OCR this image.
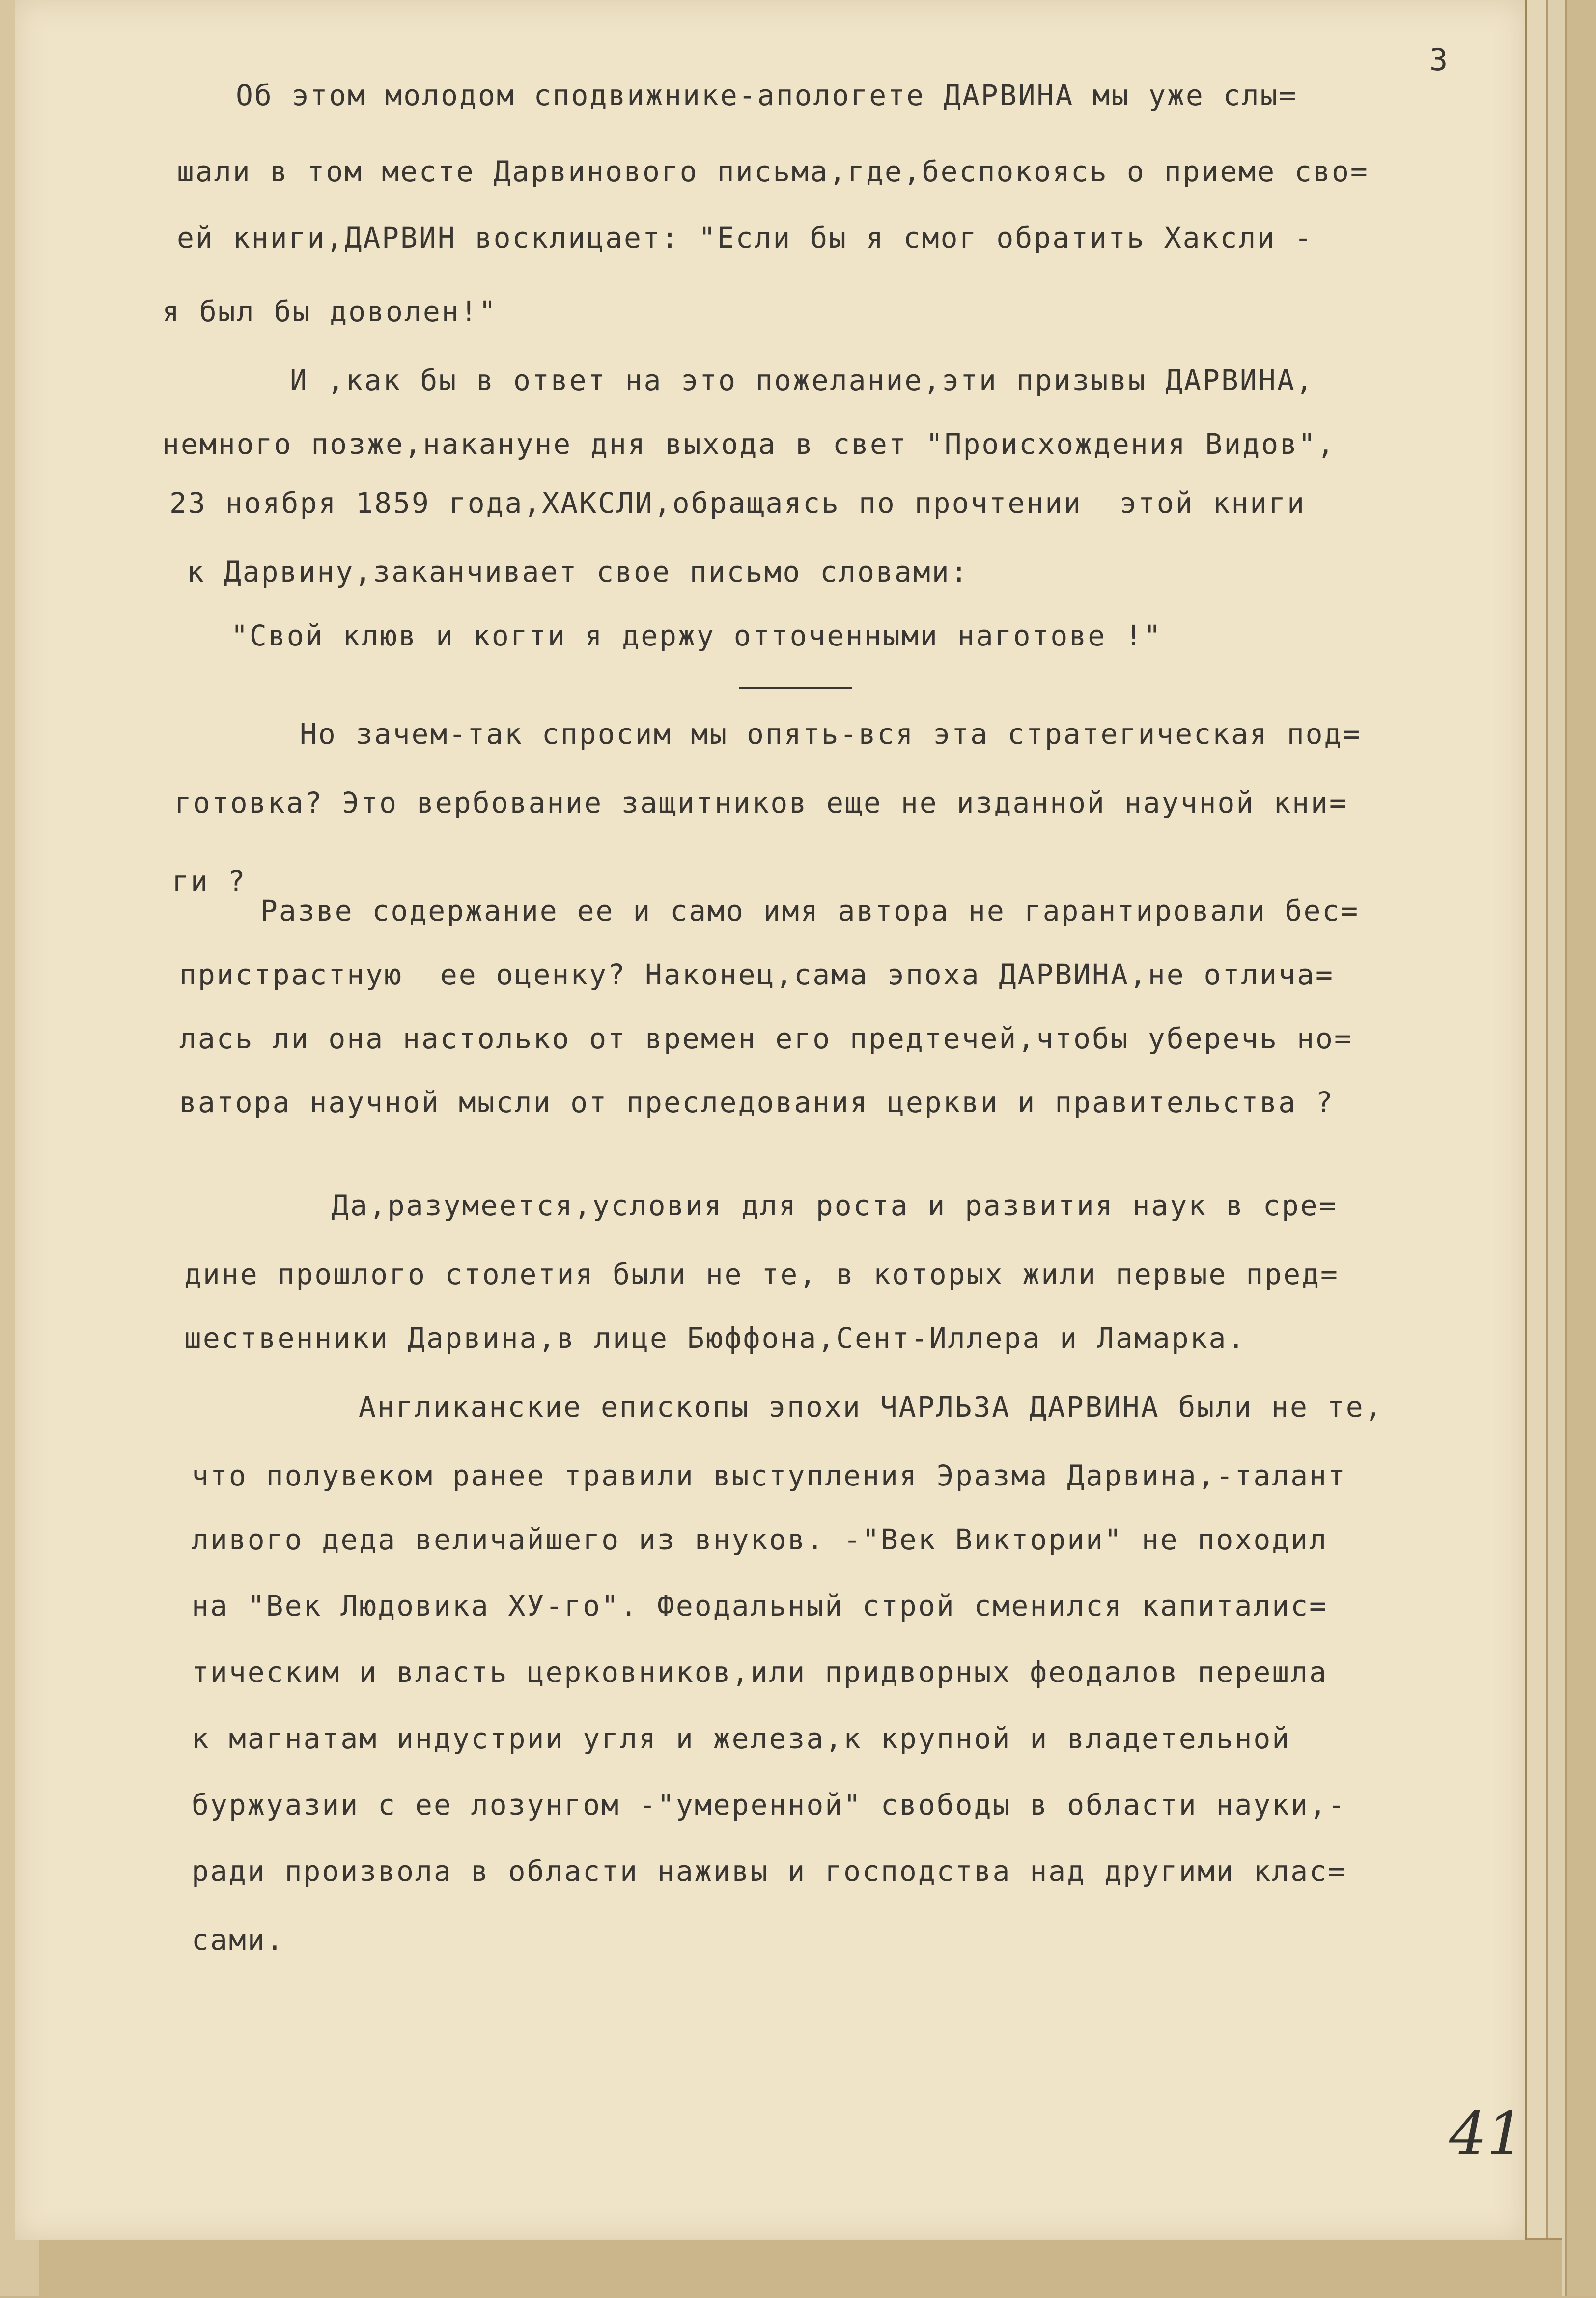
3
Об этом молодом сподвижнике-апологете ДАРВИНА мы уже слы=
шали в том месте Дарвинового письма,где,беспокоясь о приеме сво=
ей книги,ДАРВИН восклицает: "Если бы я смог обратить Хаксли -
я был бы доволен!"
И ,как бы в ответ на это пожелание,эти призывы ДАРВИНА,
немного позже,накануне дня выхода в свет "Происхождения Видов",
23 ноября 1859 года,ХАКСЛИ,обращаясь по прочтении  этой книги
к Дарвину,заканчивает свое письмо словами:
"Свой клюв и когти я держу отточенными наготове !"
Но зачем-так спросим мы опять-вся эта стратегическая под=
готовка? Это вербование защитников еще не изданной научной кни=
ги ?
Разве содержание ее и само имя автора не гарантировали бес=
пристрастную  ее оценку? Наконец,сама эпоха ДАРВИНА,не отлича=
лась ли она настолько от времен его предтечей,чтобы уберечь но=
ватора научной мысли от преследования церкви и правительства ?
Да,разумеется,условия для роста и развития наук в сре=
дине прошлого столетия были не те, в которых жили первые пред=
шественники Дарвина,в лице Бюффона,Сент-Иллера и Ламарка.
Англиканские епископы эпохи ЧАРЛЬЗА ДАРВИНА были не те,
что полувеком ранее травили выступления Эразма Дарвина,-талант
ливого деда величайшего из внуков. -"Век Виктории" не походил
на "Век Людовика ХУ-го". Феодальный строй сменился капиталис=
тическим и власть церковников,или придворных феодалов перешла
к магнатам индустрии угля и железа,к крупной и владетельной
буржуазии с ее лозунгом -"умеренной" свободы в области науки,-
ради произвола в области наживы и господства над другими клас=
сами.
41
